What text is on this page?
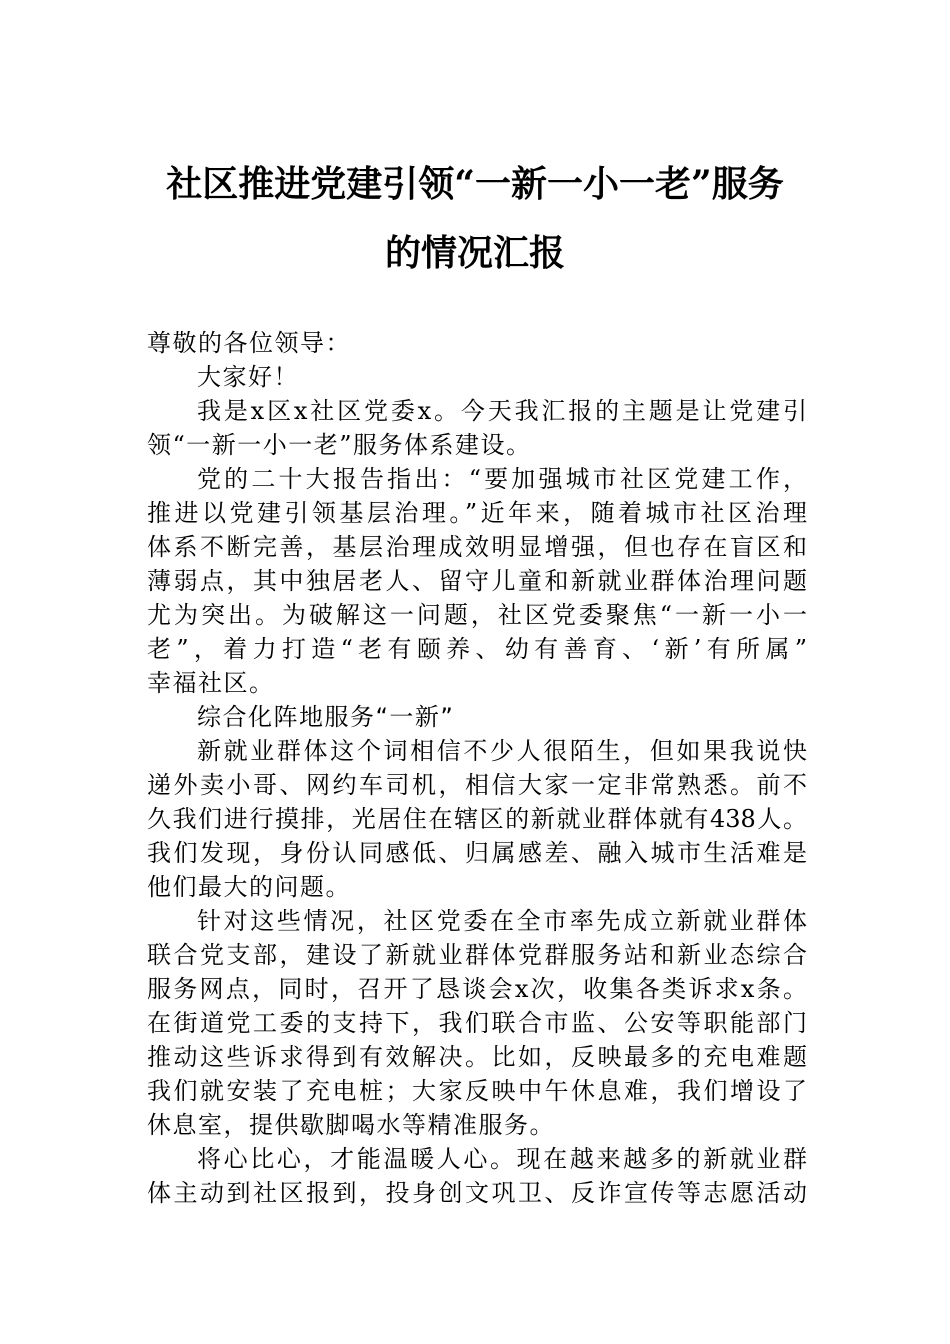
社区推进党建引领“一新一小一老”服务
的情况汇报
尊敬的各位领导：
大家好！
我是x区x社区党委x。今天我汇报的主题是让党建引
领“一新一小一老”服务体系建设。
党的二十大报告指出：“要加强城市社区党建工作，
推进以党建引领基层治理。”近年来，随着城市社区治理
体系不断完善，基层治理成效明显增强，但也存在盲区和
薄弱点，其中独居老人、留守儿童和新就业群体治理问题
尤为突出。为破解这一问题，社区党委聚焦“一新一小一
老”，着力打造“老有颐养、幼有善育、‘新’有所属”
幸福社区。
综合化阵地服务“一新”
新就业群体这个词相信不少人很陌生，但如果我说快
递外卖小哥、网约车司机，相信大家一定非常熟悉。前不
久我们进行摸排，光居住在辖区的新就业群体就有438人。
我们发现，身份认同感低、归属感差、融入城市生活难是
他们最大的问题。
针对这些情况，社区党委在全市率先成立新就业群体
联合党支部，建设了新就业群体党群服务站和新业态综合
服务网点，同时，召开了恳谈会x次，收集各类诉求x条。
在街道党工委的支持下，我们联合市监、公安等职能部门
推动这些诉求得到有效解决。比如，反映最多的充电难题
我们就安装了充电桩；大家反映中午休息难，我们增设了
休息室，提供歇脚喝水等精准服务。
将心比心，才能温暖人心。现在越来越多的新就业群
体主动到社区报到，投身创文巩卫、反诈宣传等志愿活动
